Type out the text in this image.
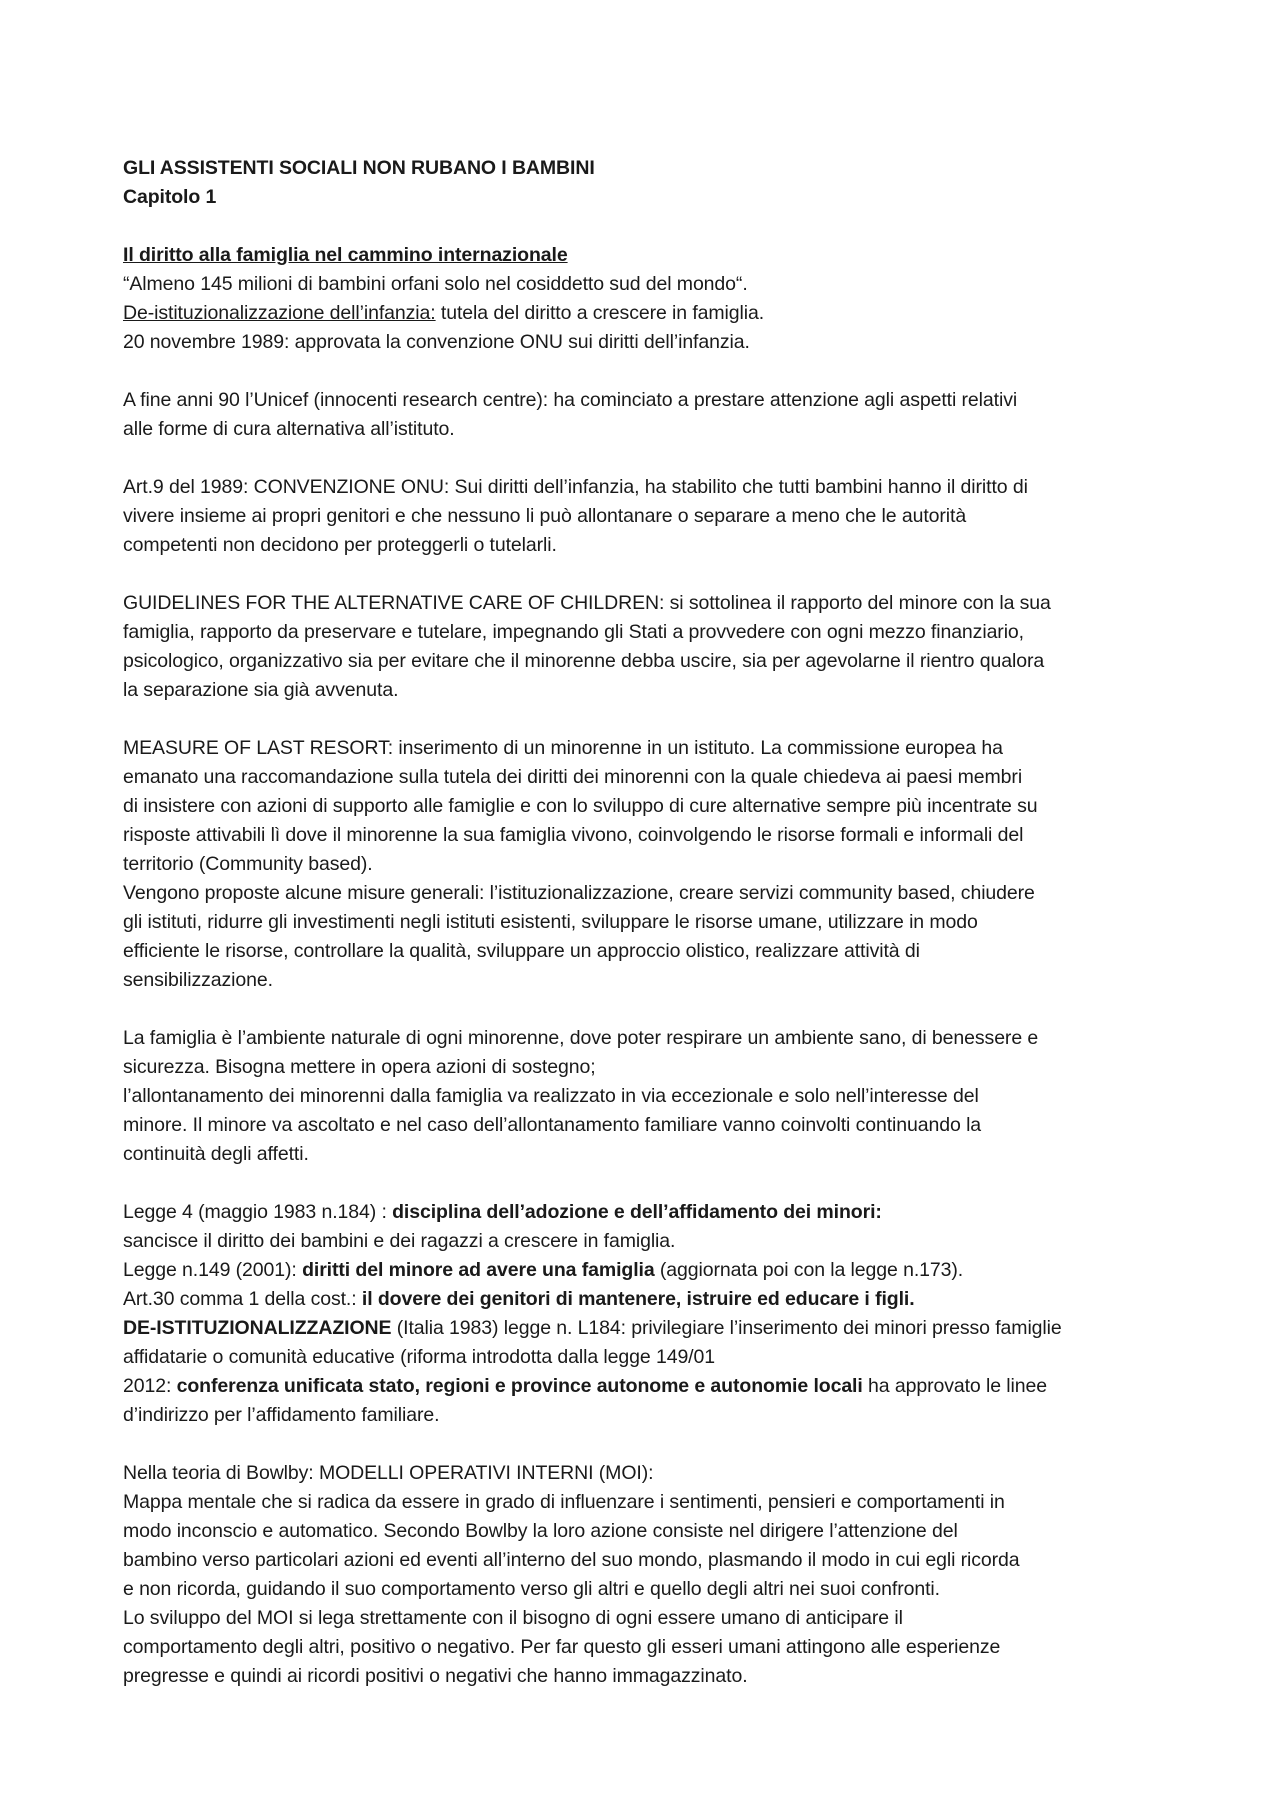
GLI ASSISTENTI SOCIALI NON RUBANO I BAMBINI
Capitolo 1
Il diritto alla famiglia nel cammino internazionale
“Almeno 145 milioni di bambini orfani solo nel cosiddetto sud del mondo“.
De-istituzionalizzazione dell’infanzia: tutela del diritto a crescere in famiglia.
20 novembre 1989: approvata la convenzione ONU sui diritti dell’infanzia.
A fine anni 90 l’Unicef (innocenti research centre): ha cominciato a prestare attenzione agli aspetti relativi
alle forme di cura alternativa all’istituto.
Art.9 del 1989: CONVENZIONE ONU: Sui diritti dell’infanzia, ha stabilito che tutti bambini hanno il diritto di
vivere insieme ai propri genitori e che nessuno li può allontanare o separare a meno che le autorità
competenti non decidono per proteggerli o tutelarli.
GUIDELINES FOR THE ALTERNATIVE CARE OF CHILDREN: si sottolinea il rapporto del minore con la sua
famiglia, rapporto da preservare e tutelare, impegnando gli Stati a provvedere con ogni mezzo finanziario,
psicologico, organizzativo sia per evitare che il minorenne debba uscire, sia per agevolarne il rientro qualora
la separazione sia già avvenuta.
MEASURE OF LAST RESORT: inserimento di un minorenne in un istituto. La commissione europea ha
emanato una raccomandazione sulla tutela dei diritti dei minorenni con la quale chiedeva ai paesi membri
di insistere con azioni di supporto alle famiglie e con lo sviluppo di cure alternative sempre più incentrate su
risposte attivabili lì dove il minorenne la sua famiglia vivono, coinvolgendo le risorse formali e informali del
territorio (Community based).
Vengono proposte alcune misure generali: l’istituzionalizzazione, creare servizi community based, chiudere
gli istituti, ridurre gli investimenti negli istituti esistenti, sviluppare le risorse umane, utilizzare in modo
efficiente le risorse, controllare la qualità, sviluppare un approccio olistico, realizzare attività di
sensibilizzazione.
La famiglia è l’ambiente naturale di ogni minorenne, dove poter respirare un ambiente sano, di benessere e
sicurezza. Bisogna mettere in opera azioni di sostegno;
l’allontanamento dei minorenni dalla famiglia va realizzato in via eccezionale e solo nell’interesse del
minore. Il minore va ascoltato e nel caso dell’allontanamento familiare vanno coinvolti continuando la
continuità degli affetti.
Legge 4 (maggio 1983 n.184) : disciplina dell’adozione e dell’affidamento dei minori:
sancisce il diritto dei bambini e dei ragazzi a crescere in famiglia.
Legge n.149 (2001): diritti del minore ad avere una famiglia (aggiornata poi con la legge n.173).
Art.30 comma 1 della cost.: il dovere dei genitori di mantenere, istruire ed educare i figli.
DE-ISTITUZIONALIZZAZIONE (Italia 1983) legge n. L184: privilegiare l’inserimento dei minori presso famiglie
affidatarie o comunità educative (riforma introdotta dalla legge 149/01
2012: conferenza unificata stato, regioni e province autonome e autonomie locali ha approvato le linee
d’indirizzo per l’affidamento familiare.
Nella teoria di Bowlby: MODELLI OPERATIVI INTERNI (MOI):
Mappa mentale che si radica da essere in grado di influenzare i sentimenti, pensieri e comportamenti in
modo inconscio e automatico. Secondo Bowlby la loro azione consiste nel dirigere l’attenzione del
bambino verso particolari azioni ed eventi all’interno del suo mondo, plasmando il modo in cui egli ricorda
e non ricorda, guidando il suo comportamento verso gli altri e quello degli altri nei suoi confronti.
Lo sviluppo del MOI si lega strettamente con il bisogno di ogni essere umano di anticipare il
comportamento degli altri, positivo o negativo. Per far questo gli esseri umani attingono alle esperienze
pregresse e quindi ai ricordi positivi o negativi che hanno immagazzinato.
